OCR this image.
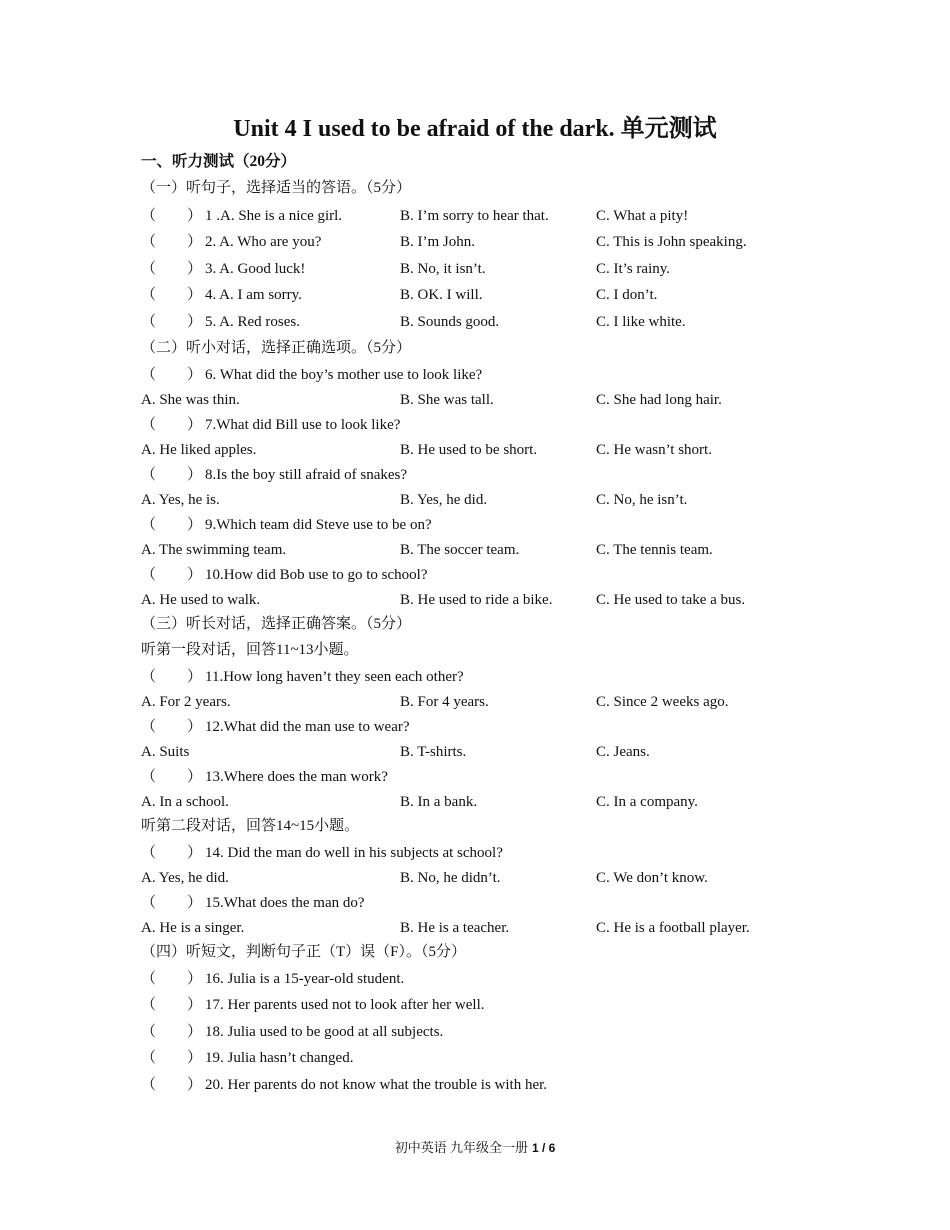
Unit 4 I used to be afraid of the dark. 单元测试
一、听力测试（20分）
（一）听句子，选择适当的答语。（5分）
（ ） 1 .A. She is a nice girl.	B. I’m sorry to hear that.	C. What a pity!
（ ） 2. A. Who are you?	B. I’m John.	C. This is John speaking.
（ ） 3. A. Good luck!	B. No, it isn’t.	C. It’s rainy.
（ ） 4. A. I am sorry.	B. OK. I will.	C. I don’t.
（ ） 5. A. Red roses.	B. Sounds good.	C. I like white.
（二）听小对话，选择正确选项。（5分）
（ ） 6. What did the boy’s mother use to look like?
A. She was thin.	B. She was tall.	C. She had long hair.
（ ） 7.What did Bill use to look like?
A. He liked apples.	B. He used to be short.	C. He wasn’t short.
（ ） 8.Is the boy still afraid of snakes?
A. Yes, he is.	B. Yes, he did.	C. No, he isn’t.
（ ） 9.Which team did Steve use to be on?
A. The swimming team.	B. The soccer team.	C. The tennis team.
（ ） 10.How did Bob use to go to school?
A. He used to walk.	B. He used to ride a bike.	C. He used to take a bus.
（三）听长对话，选择正确答案。（5分）
听第一段对话，回答11~13小题。
（ ） 11.How long haven’t they seen each other?
A. For 2 years.	B. For 4 years.	C. Since 2 weeks ago.
（ ） 12.What did the man use to wear?
A. Suits	B. T-shirts.	C. Jeans.
（ ） 13.Where does the man work?
A. In a school.	B. In a bank.	C. In a company.
听第二段对话，回答14~15小题。
（ ） 14. Did the man do well in his subjects at school?
A. Yes, he did.	B. No, he didn’t.	C. We don’t know.
（ ） 15.What does the man do?
A. He is a singer.	B. He is a teacher.	C. He is a football player.
（四）听短文，判断句子正（T）误（F）。（5分）
（ ） 16. Julia is a 15-year-old student.
（ ） 17. Her parents used not to look after her well.
（ ） 18. Julia used to be good at all subjects.
（ ） 19. Julia hasn’t changed.
（ ） 20. Her parents do not know what the trouble is with her.
初中英语 九年级全一册 1 / 6
